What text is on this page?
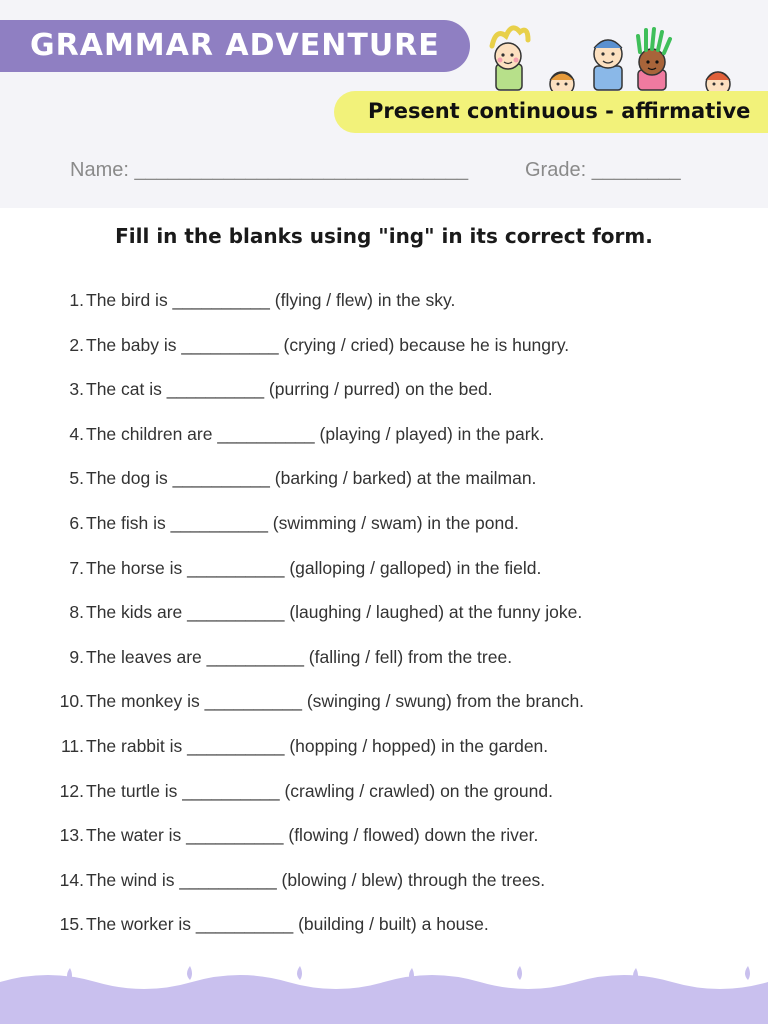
GRAMMAR ADVENTURE
Present continuous - affirmative
Name: ______________________________	Grade: ________
Fill in the blanks using "ing" in its correct form.
1. The bird is __________ (flying / flew) in the sky.
2. The baby is __________ (crying / cried) because he is hungry.
3. The cat is __________ (purring / purred) on the bed.
4. The children are __________ (playing / played) in the park.
5. The dog is __________ (barking / barked) at the mailman.
6. The fish is __________ (swimming / swam) in the pond.
7. The horse is __________ (galloping / galloped) in the field.
8. The kids are __________ (laughing / laughed) at the funny joke.
9. The leaves are __________ (falling / fell) from the tree.
10. The monkey is __________ (swinging / swung) from the branch.
11. The rabbit is __________ (hopping / hopped) in the garden.
12. The turtle is __________ (crawling / crawled) on the ground.
13. The water is __________ (flowing / flowed) down the river.
14. The wind is __________ (blowing / blew) through the trees.
15. The worker is __________ (building / built) a house.
